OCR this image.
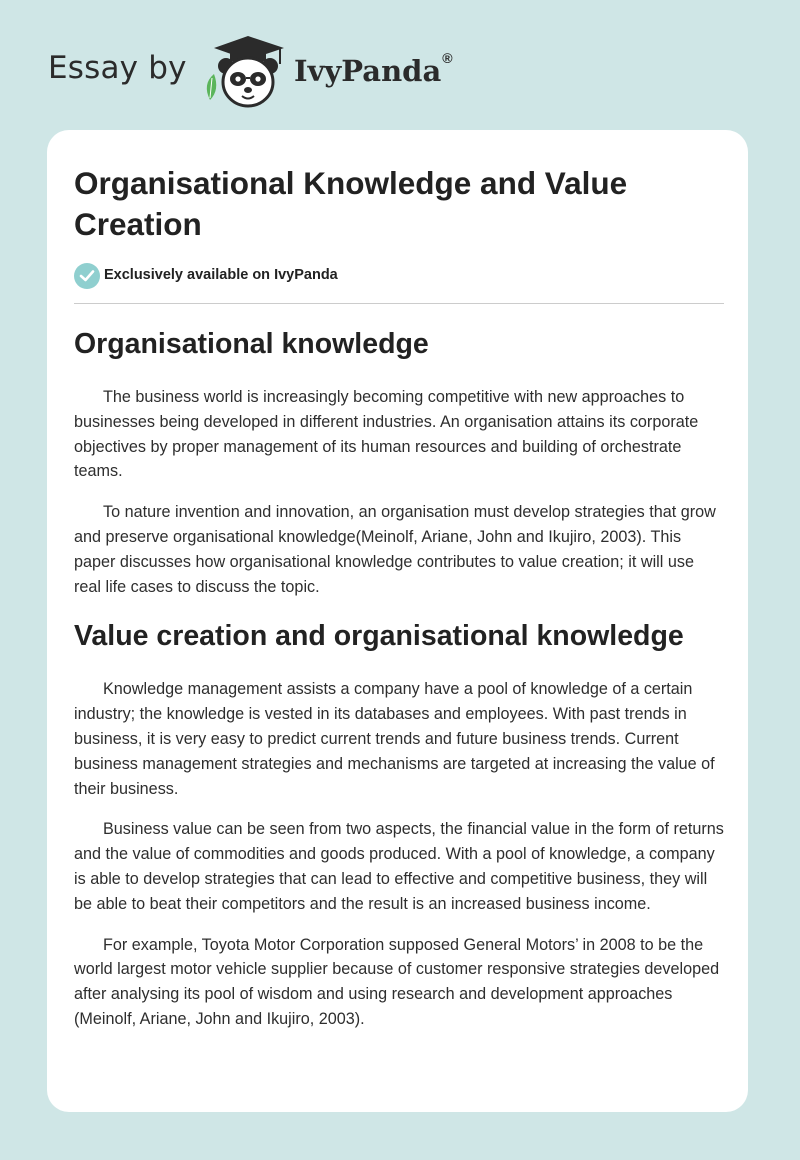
Essay by	IvyPanda®
Organisational Knowledge and Value Creation
Exclusively available on IvyPanda
Organisational knowledge

The business world is increasingly becoming competitive with new approaches to businesses being developed in different industries. An organisation attains its corporate objectives by proper management of its human resources and building of orchestrate teams.

To nature invention and innovation, an organisation must develop strategies that grow and preserve organisational knowledge(Meinolf, Ariane, John and Ikujiro, 2003). This paper discusses how organisational knowledge contributes to value creation; it will use real life cases to discuss the topic.

Value creation and organisational knowledge

Knowledge management assists a company have a pool of knowledge of a certain industry; the knowledge is vested in its databases and employees. With past trends in business, it is very easy to predict current trends and future business trends. Current business management strategies and mechanisms are targeted at increasing the value of their business.

Business value can be seen from two aspects, the financial value in the form of returns and the value of commodities and goods produced. With a pool of knowledge, a company is able to develop strategies that can lead to effective and competitive business, they will be able to beat their competitors and the result is an increased business income.

For example, Toyota Motor Corporation supposed General Motors’ in 2008 to be the world largest motor vehicle supplier because of customer responsive strategies developed after analysing its pool of wisdom and using research and development approaches (Meinolf, Ariane, John and Ikujiro, 2003).
